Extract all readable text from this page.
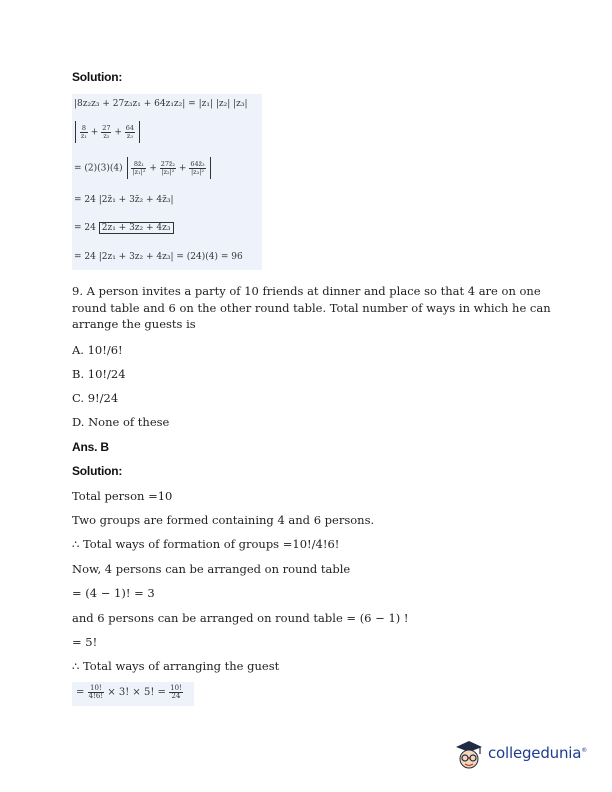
Solution:
|8z₂z₃ + 27z₃z₁ + 64z₁z₂| = |z₁| |z₂| |z₃|

$\frac{8}{\text{z₁}} + \frac{27}{\text{z₂}} + \frac{64}{\text{z₃}}$

= $(2)(3)(4) \frac{\text{8z̄₁}}{\text{|z₁|²}} + \frac{\text{27z̄₂}}{\text{|z₂|²}} + \frac{\text{64z̄₃}}{\text{|z₃|²}}$

= 24 |2z̄₁ + 3z̄₂ + 4z̄₃|
= 24 2z₁ + 3z₂ + 4z₃
= 24 |2z₁ + 3z₂ + 4z₃| = (24)(4) = 96
9. A person invites a party of 10 friends at dinner and place so that 4 are on one
round table and 6 on the other round table. Total number of ways in which he can
arrange the guests is
A. 10!/6!
B. 10!/24
C. 9!/24
D. None of these
Ans. B
Solution:
Total person =10
Two groups are formed containing 4 and 6 persons.
∴ Total ways of formation of groups =10!/4!6!
Now, 4 persons can be arranged on round table
= (4 − 1)! = 3
and 6 persons can be arranged on round table = (6 − 1) !
= 5!
∴ Total ways of arranging the guest
= $\frac{10!}{4!6!} \times 3$! × 5! = $\frac{10!}{24}$
collegedunia®
